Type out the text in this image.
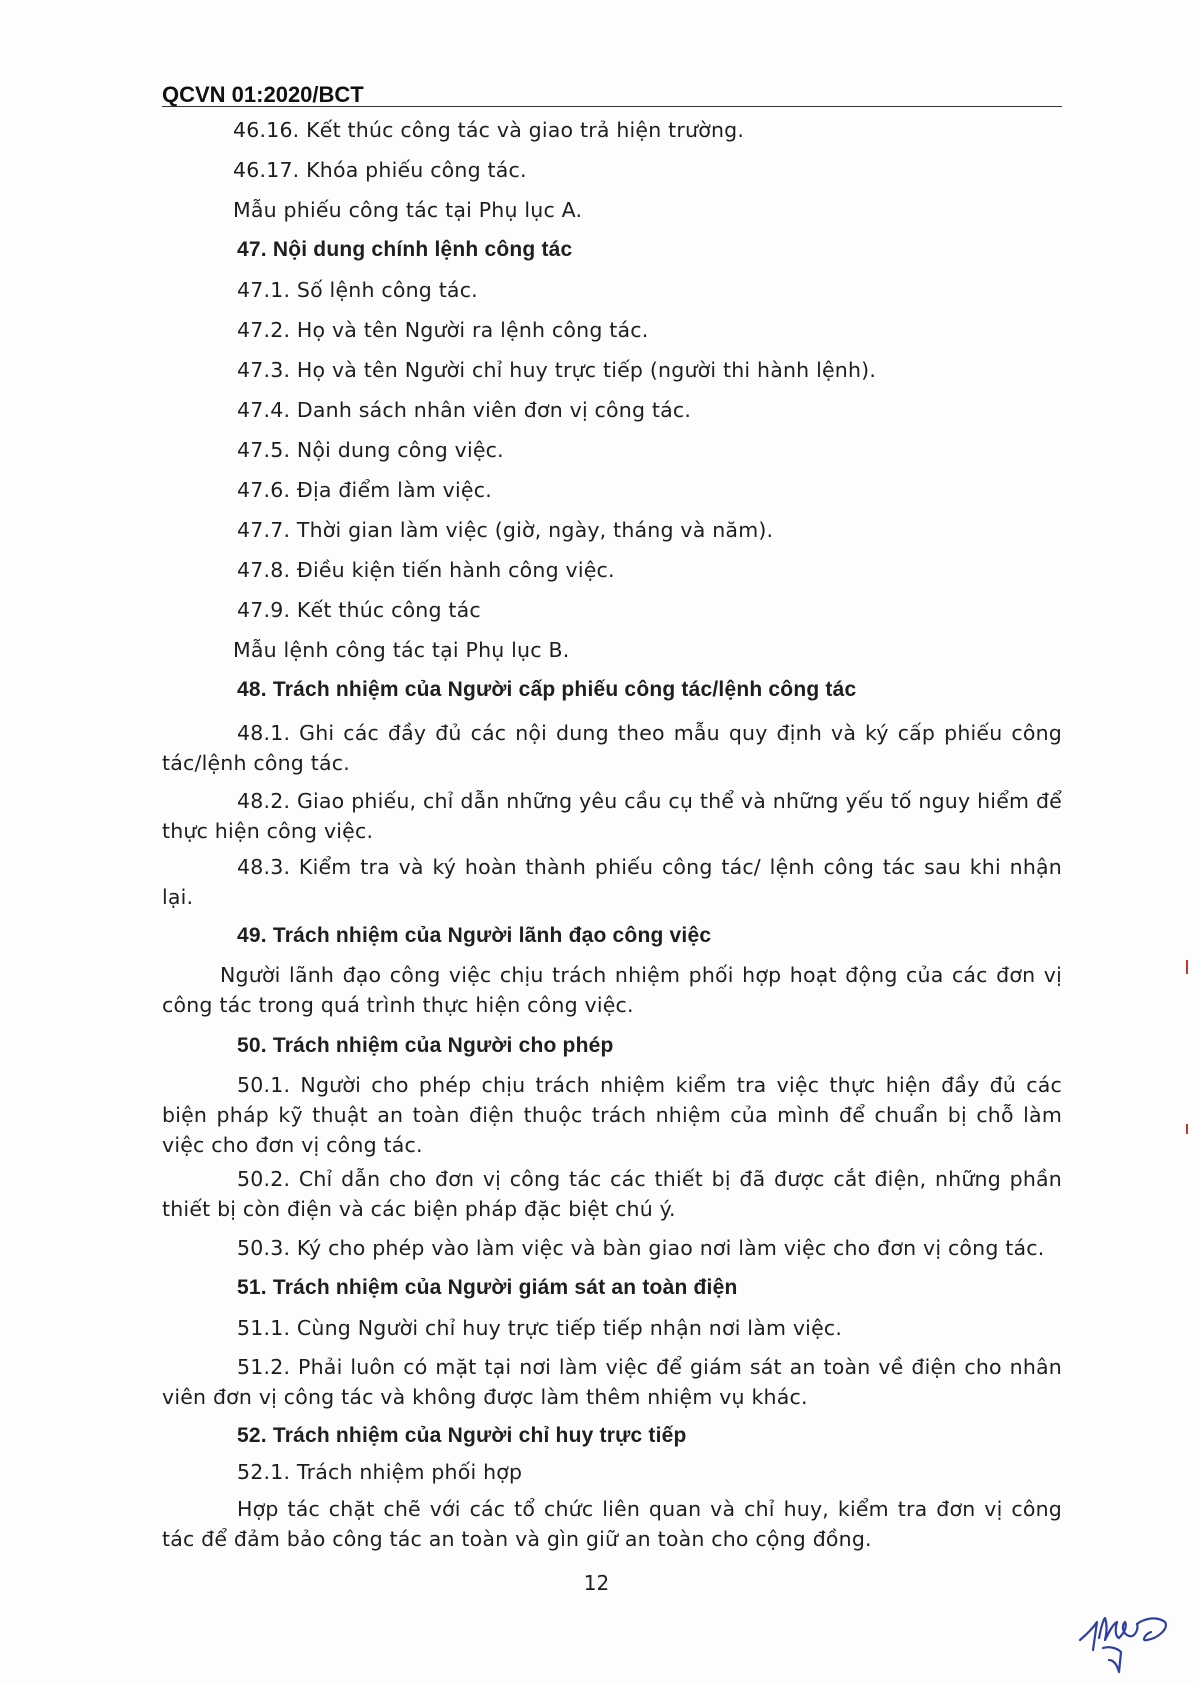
QCVN 01:2020/BCT
46.16. Kết thúc công tác và giao trả hiện trường.
46.17. Khóa phiếu công tác.
Mẫu phiếu công tác tại Phụ lục A.
47. Nội dung chính lệnh công tác
47.1. Số lệnh công tác.
47.2. Họ và tên Người ra lệnh công tác.
47.3. Họ và tên Người chỉ huy trực tiếp (người thi hành lệnh).
47.4. Danh sách nhân viên đơn vị công tác.
47.5. Nội dung công việc.
47.6. Địa điểm làm việc.
47.7. Thời gian làm việc (giờ, ngày, tháng và năm).
47.8. Điều kiện tiến hành công việc.
47.9. Kết thúc công tác
Mẫu lệnh công tác tại Phụ lục B.
48. Trách nhiệm của Người cấp phiếu công tác/lệnh công tác
48.1. Ghi các đầy đủ các nội dung theo mẫu quy định và ký cấp phiếu công tác/lệnh công tác.
48.2. Giao phiếu, chỉ dẫn những yêu cầu cụ thể và những yếu tố nguy hiểm để thực hiện công việc.
48.3. Kiểm tra và ký hoàn thành phiếu công tác/ lệnh công tác sau khi nhận lại.
49. Trách nhiệm của Người lãnh đạo công việc
Người lãnh đạo công việc chịu trách nhiệm phối hợp hoạt động của các đơn vị công tác trong quá trình thực hiện công việc.
50. Trách nhiệm của Người cho phép
50.1. Người cho phép chịu trách nhiệm kiểm tra việc thực hiện đầy đủ các biện pháp kỹ thuật an toàn điện thuộc trách nhiệm của mình để chuẩn bị chỗ làm việc cho đơn vị công tác.
50.2. Chỉ dẫn cho đơn vị công tác các thiết bị đã được cắt điện, những phần thiết bị còn điện và các biện pháp đặc biệt chú ý.
50.3. Ký cho phép vào làm việc và bàn giao nơi làm việc cho đơn vị công tác.
51. Trách nhiệm của Người giám sát an toàn điện
51.1. Cùng Người chỉ huy trực tiếp tiếp nhận nơi làm việc.
51.2. Phải luôn có mặt tại nơi làm việc để giám sát an toàn về điện cho nhân viên đơn vị công tác và không được làm thêm nhiệm vụ khác.
52. Trách nhiệm của Người chỉ huy trực tiếp
52.1. Trách nhiệm phối hợp
Hợp tác chặt chẽ với các tổ chức liên quan và chỉ huy, kiểm tra đơn vị công tác để đảm bảo công tác an toàn và gìn giữ an toàn cho cộng đồng.
12
